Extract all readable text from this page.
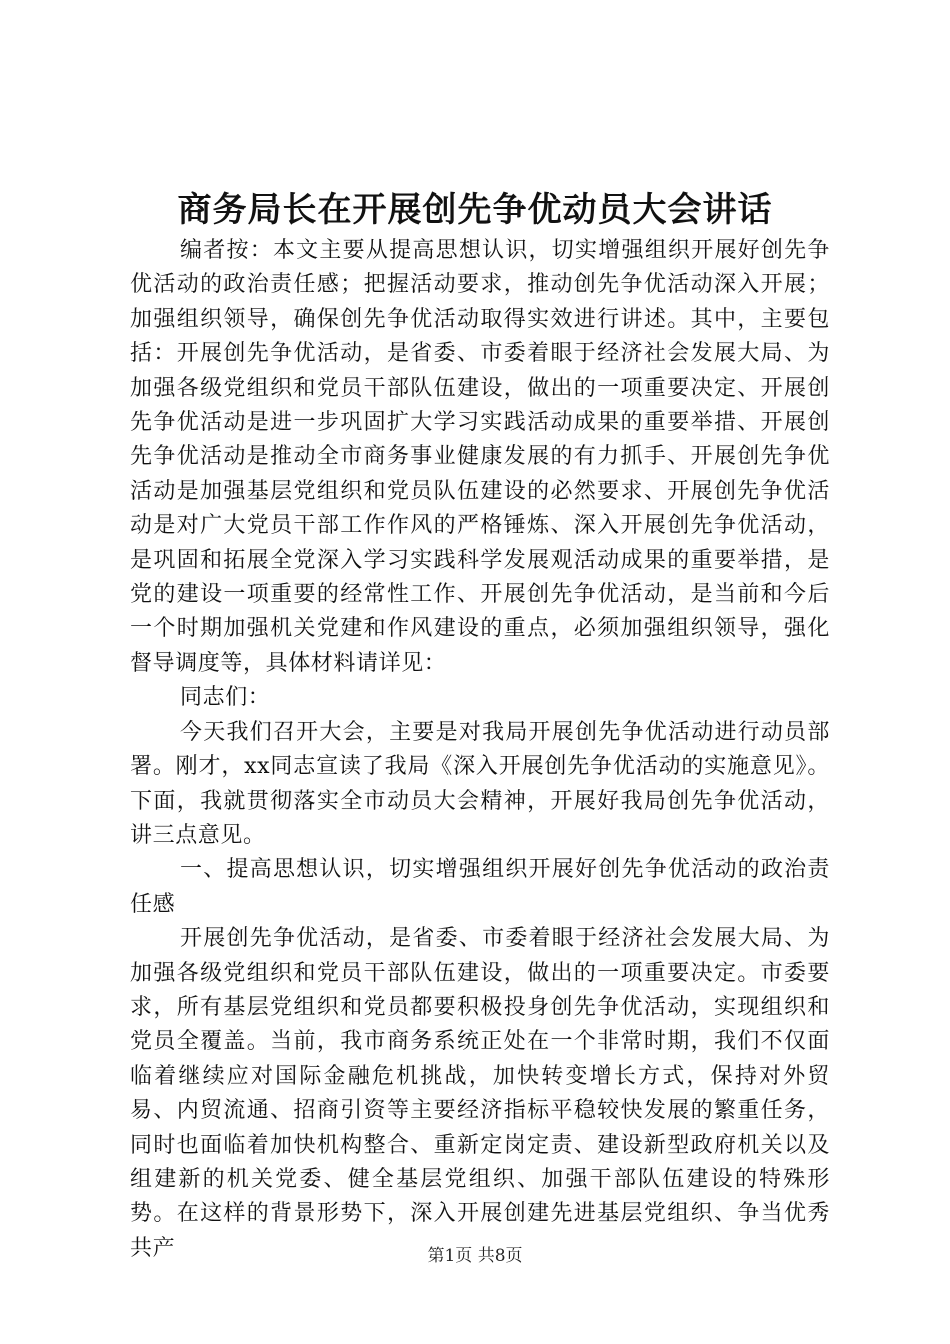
商务局长在开展创先争优动员大会讲话

编者按：本文主要从提高思想认识，切实增强组织开展好创先争优活动的政治责任感；把握活动要求，推动创先争优活动深入开展；加强组织领导，确保创先争优活动取得实效进行讲述。其中，主要包括：开展创先争优活动，是省委、市委着眼于经济社会发展大局、为加强各级党组织和党员干部队伍建设，做出的一项重要决定、开展创先争优活动是进一步巩固扩大学习实践活动成果的重要举措、开展创先争优活动是推动全市商务事业健康发展的有力抓手、开展创先争优活动是加强基层党组织和党员队伍建设的必然要求、开展创先争优活动是对广大党员干部工作作风的严格锤炼、深入开展创先争优活动，是巩固和拓展全党深入学习实践科学发展观活动成果的重要举措，是党的建设一项重要的经常性工作、开展创先争优活动，是当前和今后一个时期加强机关党建和作风建设的重点，必须加强组织领导，强化督导调度等，具体材料请详见：

同志们：

今天我们召开大会，主要是对我局开展创先争优活动进行动员部署。刚才，xx同志宣读了我局《深入开展创先争优活动的实施意见》。下面，我就贯彻落实全市动员大会精神，开展好我局创先争优活动，讲三点意见。

一、提高思想认识，切实增强组织开展好创先争优活动的政治责任感

开展创先争优活动，是省委、市委着眼于经济社会发展大局、为加强各级党组织和党员干部队伍建设，做出的一项重要决定。市委要求，所有基层党组织和党员都要积极投身创先争优活动，实现组织和党员全覆盖。当前，我市商务系统正处在一个非常时期，我们不仅面临着继续应对国际金融危机挑战，加快转变增长方式，保持对外贸易、内贸流通、招商引资等主要经济指标平稳较快发展的繁重任务，同时也面临着加快机构整合、重新定岗定责、建设新型政府机关以及组建新的机关党委、健全基层党组织、加强干部队伍建设的特殊形势。在这样的背景形势下，深入开展创建先进基层党组织、争当优秀共产	第1页 共8页
